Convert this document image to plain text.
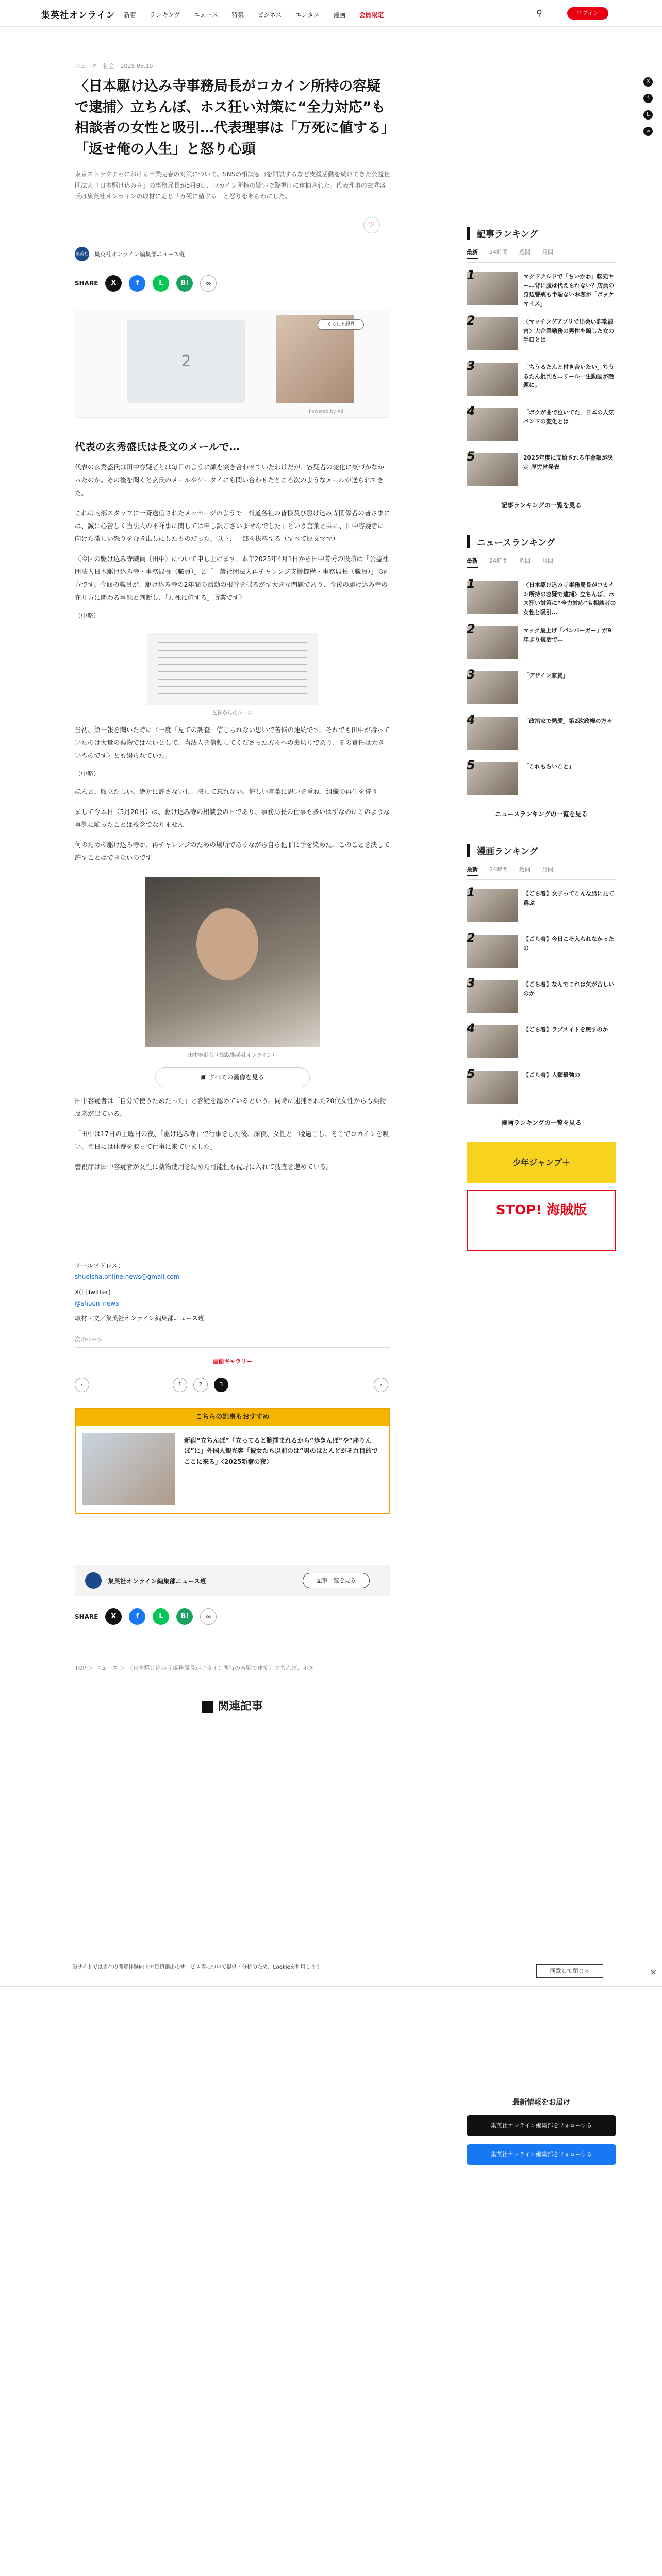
集英社オンライン 新着 ランキング ニュース 特集 ビジネス エンタメ 漫画 会員限定	⚲	ログイン
X
f
L
∞
ニュース 社会 2025.05.10
〈日本駆け込み寺事務局長がコカイン所持の容疑で逮捕〉立ちんぼ、ホス狂い対策に“全力対応”も相談者の女性と吸引…代表理事は「万死に値する」「返せ俺の人生」と怒り心頭

東京ストラクチャにおける卒業売春の対策について、SNSの相談窓口を開設するなど支援活動を続けてきた公益社団法人「日本駆け込み寺」の事務局長が5月9日、コカイン所持の疑いで警視庁に逮捕された。代表理事の玄秀盛氏は集英社オンラインの取材に応じ「万死に値する」と怒りをあらわにした。

♡
集英社 集英社オンライン編集部ニュース班
SHARE	X	f	L	B!	∞
2
くらしと経営
Powered by Ad
代表の玄秀盛氏は長文のメールで…

代表の玄秀盛氏は田中容疑者とは毎日のように顔を突き合わせていたわけだが、容疑者の変化に気づかなかったのか。その後を聞くと玄氏のメールやケータイにも問い合わせたところ次のようなメールが送られてきた。

これは内部スタッフに一斉送信されたメッセージのようで「報道各社の皆様及び駆け込み寺関係者の皆さまには、誠に心苦しく当法人の不祥事に関しては申し訳ございませんでした」という言葉と共に、田中容疑者に向けた激しい怒りをむき出しにしたものだった。以下、一部を抜粋する（すべて原文ママ）

〈今回の駆け込み寺職員（田中）について申し上げます。本年2025年4月1日から田中芳秀の役職は「公益社団法人日本駆け込み寺・事務局長（職員）」と「一般社団法人再チャレンジ支援機構・事務局長（職員）」の両方です。今回の職員が、駆け込み寺の2年間の活動の根幹を揺るがす大きな問題であり、今後の駆け込み寺の在り方に関わる事態と判断し、「万死に値する」所業です〉

（中略）

玄氏からのメール

当初、第一報を聞いた時に〈一度「見ての調査」信じられない思いで苦悩の連続です。それでも田中が持っていたのは大量の薬物ではないとして、当法人を信頼してくださった方々への裏切りであり、その責任は大きいものです〉とも綴られていた。

（中略）

ほんと、腹立たしい。絶対に許さないし、決して忘れない。悔しい言葉に思いを重ね、組織の再生を誓う

まして今本日（5月20日）は、駆け込み寺の相談会の日であり、事務局長の仕事も多いはずなのにこのような事態に陥ったことは残念でなりません

何のための駆け込み寺か、再チャレンジのための場所でありながら自ら犯罪に手を染めた。このことを決して許すことはできないのです

田中容疑者（撮影/集英社オンライン）

▣ すべての画像を見る

田中容疑者は「自分で使うためだった」と容疑を認めているという。同時に逮捕された20代女性からも薬物反応が出ている。

「田中は17日の土曜日の夜、「駆け込み寺」で行事をした後、深夜、女性と一晩過ごし、そこでコカインを吸い、翌日には休養を取って仕事に来ていました」

警視庁は田中容疑者が女性に薬物使用を勧めた可能性も視野に入れて捜査を進めている。

メールアドレス：
shueisha.online.news@gmail.com
X(旧Twitter)
@shuon_news
取材・文／集英社オンライン編集部ニュース班
次のページ
画像ギャラリー
‹	1	2	3	›
こちらの記事もおすすめ
新宿“立ちんぼ”「立ってると腕掴まれるから”歩きんぼ”や”座りんぼ”に」外国人観光客「彼女たち以前のは”男のほとんどがそれ目的でここに来る」〈2025新宿の夜〉
集英社オンライン編集部ニュース班	記事一覧を見る
SHARE	X	f	L	B!	∞
TOP ＞ ニュース ＞ 〈日本駆け込み寺事務局長がコカイン所持の容疑で逮捕〉立ちんぼ、ホス
関連記事
記事ランキング
最新 24時間 週間 月間
1	マクドナルドで「ちいかわ」転売ヤー…背に腹は代えられない？店員の身辺警戒も半端ないお客が「ポッケマイス」
2	〈マッチングアプリで出会い詐欺被害〉大企業勤務の男性を騙した女の手口とは
3	「ちうるたんと付き合いたい」ちうるたん批判も…リール一生動画が話題に。
4	「ボクが曲で泣いてた」日本の人気バンドの変化とは
5	2025年度に支給される年金額が決定 厚労省発表
記事ランキングの一覧を見る
ニュースランキング
最新 24時間 週間 月間
1	〈日本駆け込み寺事務局長がコカイン所持の容疑で逮捕〉立ちんぼ、ホス狂い対策に“全力対応”も相談者の女性と吸引…
2	マック最上げ「バンバーガー」が9年ぶり復活で…
3	「デザイン家賃」
4	「政治家で熱愛」第2次政権の方々
5	「これもちいこと」
ニュースランキングの一覧を見る
漫画ランキング
最新 24時間 週間 月間
1	【ごら着】女子ってこんな風に見て選ぶ
2	【ごら着】今日こそ入られなかったの
3	【ごら着】なんでこれは気が苦しいのか
4	【ごら着】ラブメイトを戻すのか
5	【ごら着】人類最強の
漫画ランキングの一覧を見る
少年ジャンプ＋
STOP! 海賊版
当サイトでは当社の閲覧体験向上や価値創出のサービス等について提供・分析のため、Cookieを利用します。
同意して閉じる	×
最新情報をお届け
集英社オンライン編集部をフォローする
集英社オンライン編集部をフォローする
